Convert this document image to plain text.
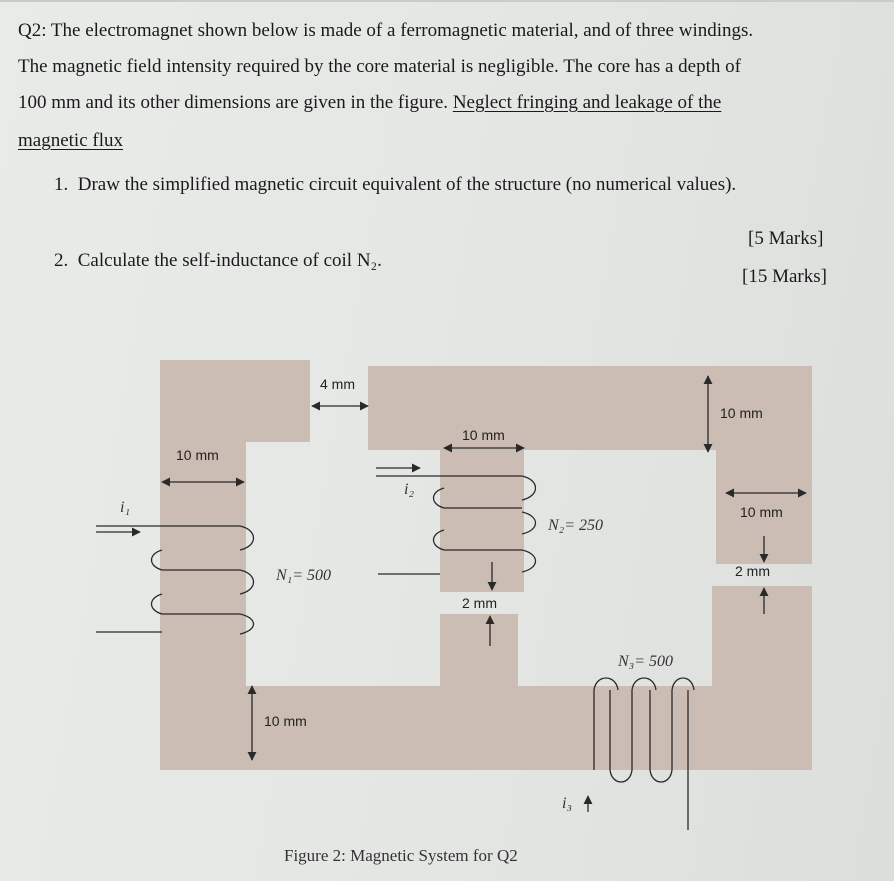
Q2: The electromagnet shown below is made of a ferromagnetic material, and of three windings.
The magnetic field intensity required by the core material is negligible. The core has a depth of
100 mm and its other dimensions are given in the figure. Neglect fringing and leakage of the
magnetic flux
1. Draw the simplified magnetic circuit equivalent of the structure (no numerical values).
[5 Marks]
2. Calculate the self-inductance of coil N₂.
[15 Marks]
4 mm
10 mm
10 mm
10 mm
10 mm
2 mm
2 mm
10 mm
i₁
N₁= 500
i₂
N₂= 250
N₃= 500
i₃
Figure 2: Magnetic System for Q2
